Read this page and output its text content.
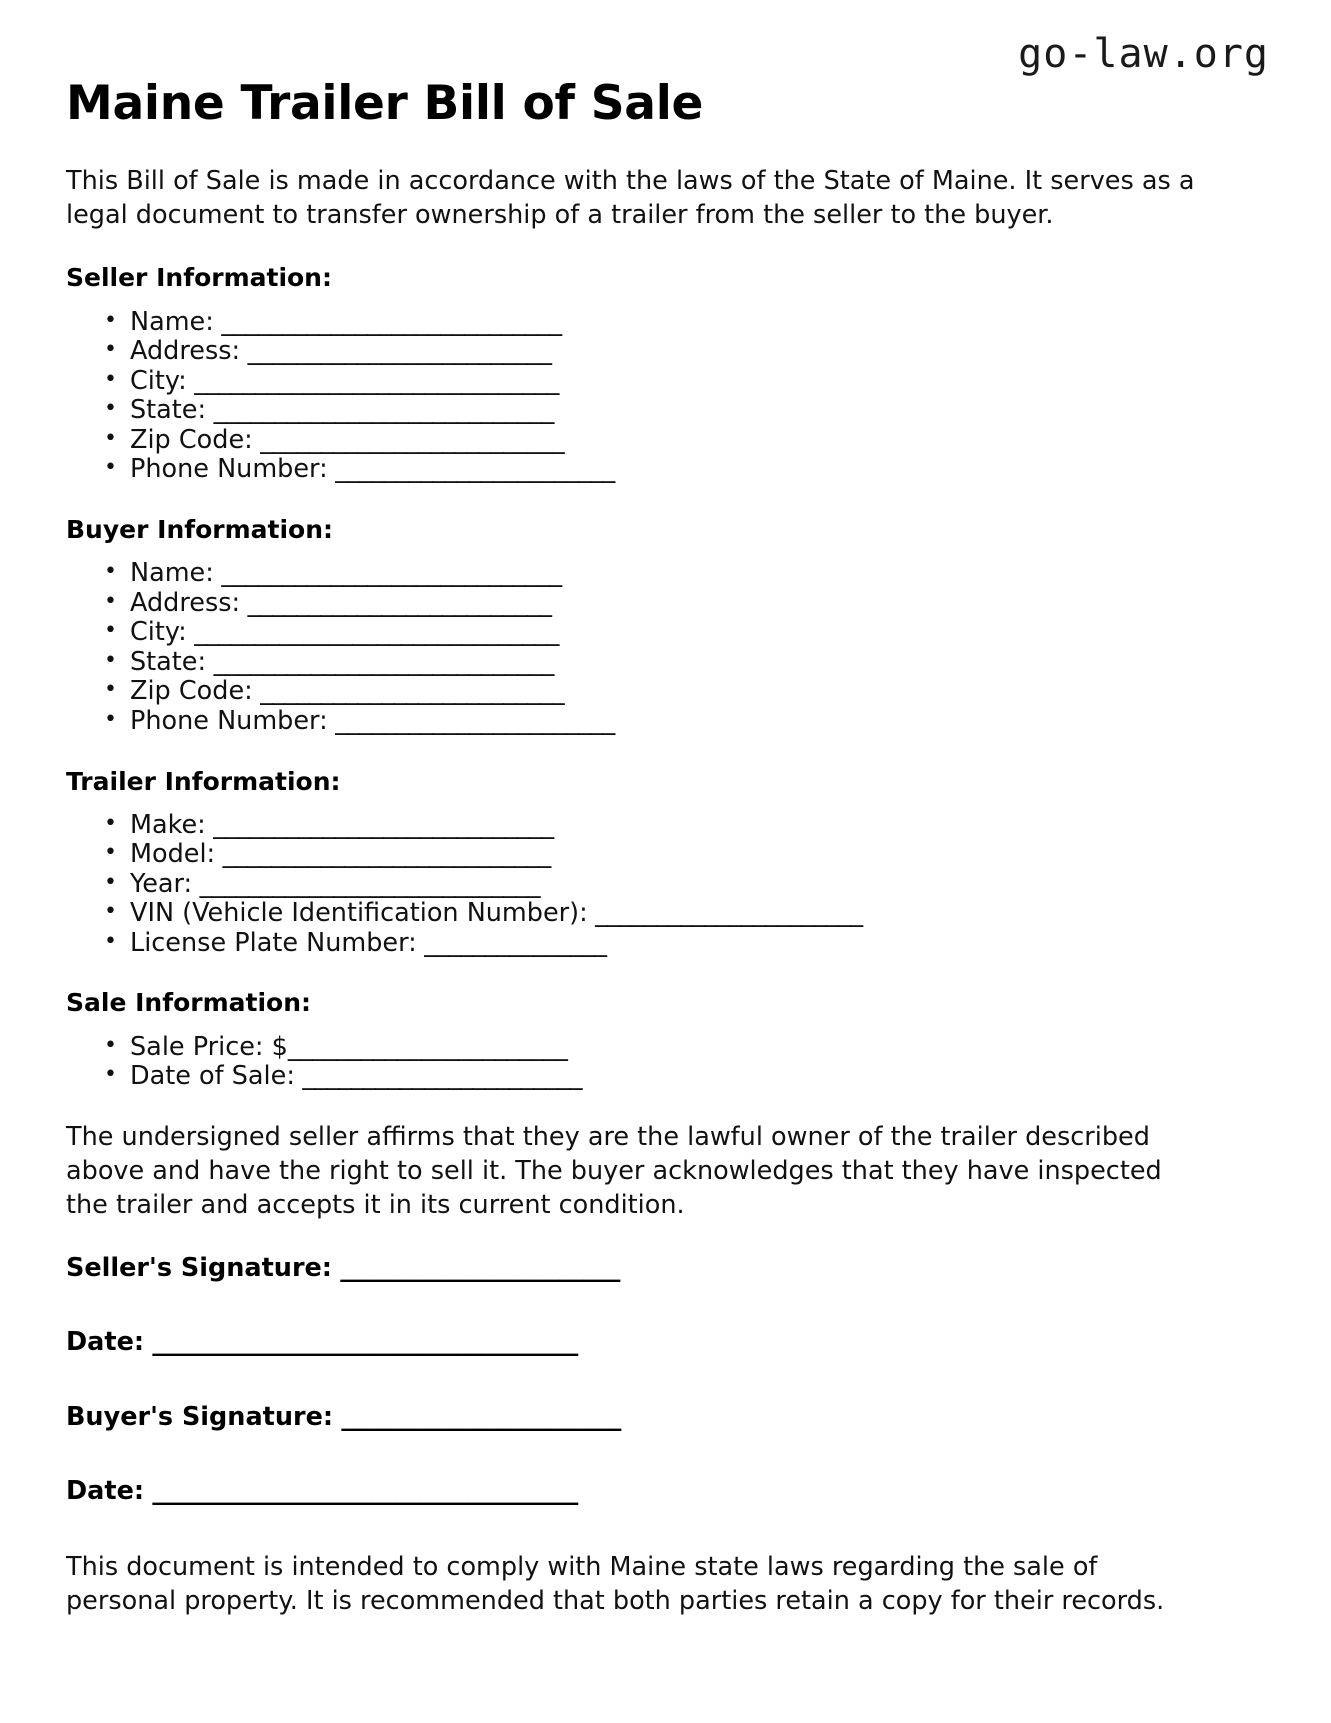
go-law.org
Maine Trailer Bill of Sale

This Bill of Sale is made in accordance with the laws of the State of Maine. It serves as a legal document to transfer ownership of a trailer from the seller to the buyer.

Seller Information:
• Name: ____________________________
• Address: _________________________
• City: ______________________________
• State: ____________________________
• Zip Code: _________________________
• Phone Number: _______________________
Buyer Information:
• Name: ____________________________
• Address: _________________________
• City: ______________________________
• State: ____________________________
• Zip Code: _________________________
• Phone Number: _______________________
Trailer Information:
• Make: ____________________________
• Model: ___________________________
• Year: ____________________________
• VIN (Vehicle Identification Number): ______________________
• License Plate Number: _______________
Sale Information:
• Sale Price: $_______________________
• Date of Sale: _______________________

The undersigned seller affirms that they are the lawful owner of the trailer described above and have the right to sell it. The buyer acknowledges that they have inspected the trailer and accepts it in its current condition.

Seller's Signature: _______________________
Date: ___________________________________
Buyer's Signature: _______________________
Date: ___________________________________

This document is intended to comply with Maine state laws regarding the sale of personal property. It is recommended that both parties retain a copy for their records.
